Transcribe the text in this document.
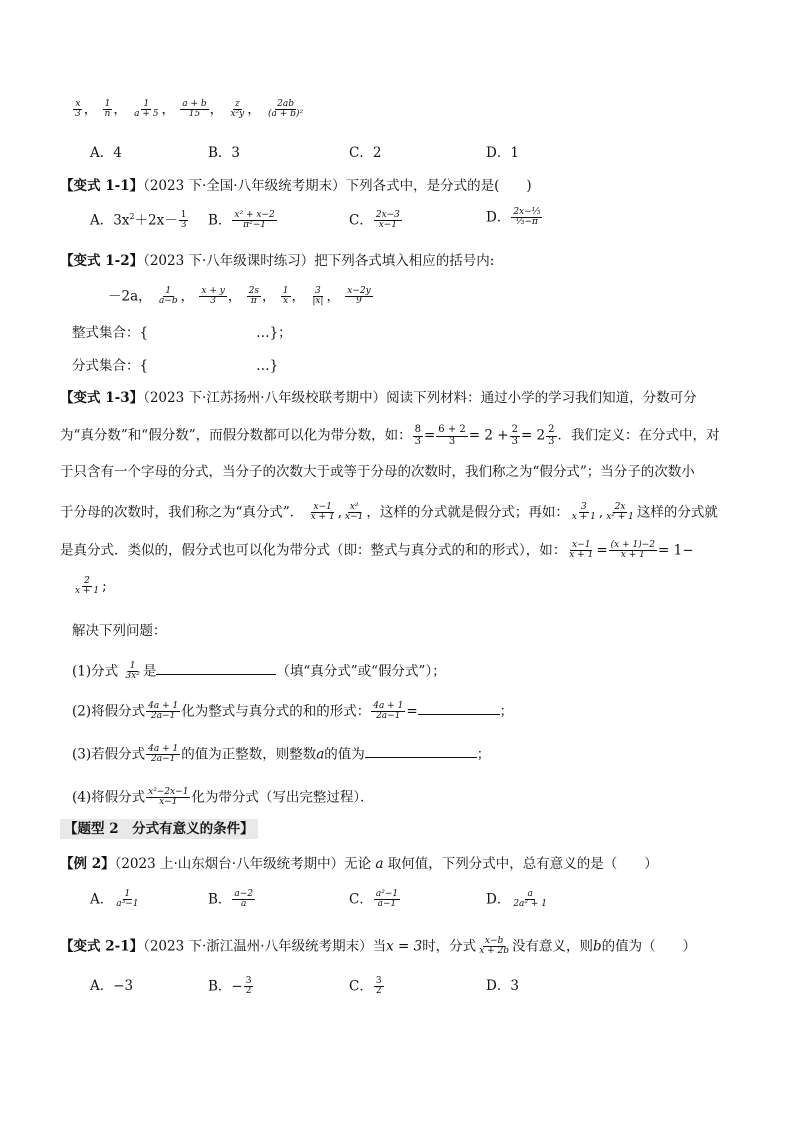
$\frac{x}{3}$ ， $\frac{1}{n}$ ， $\frac{1}{a + 5}$ ， $\frac{a + b}{15}$ ， $\frac{z}{\text{x²y}}$ ， $\frac{2ab}{\text{(a + b)²}}$
A．4	B．3	C．2	D．1
【变式 1-1】（2023 下·全国·八年级统考期末）下列各式中，是分式的是(　　)
A．$3x^2+2x- \frac{1}{3}$ B． $\frac{\text{x² + x−2}}{\text{π²−1}}$	C． $\frac{2x-3}{x-1}$	D． $\frac{\text{2x−⅓}}{\text{⅓−π}}$
【变式 1-2】（2023 下·八年级课时练习）把下列各式填入相应的括号内:
－2a， $\frac{1}{a-b}$ ， $\frac{x + y}{3}$ ， $\frac{2s}{\pi}$ ， $\frac{1}{x}$ ， $\frac{3}{|x|}$ ， $\frac{x-2y}{9}$
整式集合：{　　　　　　　　…}；
分式集合：{　　　　　　　　…}
【变式 1-3】（2023 下·江苏扬州·八年级校联考期中）阅读下列材料：通过小学的学习我们知道，分数可分
为“真分数”和“假分数”，而假分数都可以化为带分数，如： $\frac{8}{3} = \frac{6 + 2}{3} = 2 + \frac{2}{3} = 2 \frac{2}{3}$ ．我们定义：在分式中，对
于只含有一个字母的分式，当分子的次数大于或等于分母的次数时，我们称之为“假分式”；当分子的次数小
于分母的次数时，我们称之为“真分式”． $\frac{x-1}{x + 1}$ , $\frac{\text{x²}}{x-1}$ ，这样的分式就是假分式；再如： $\frac{3}{x + 1}$ , $\frac{2x}{\text{x² + 1}}$ 这样的分式就
是真分式．类似的，假分式也可以化为带分式（即：整式与真分式的和的形式），如： $\frac{x-1}{x + 1} = \frac{(x + 1)-2}{x + 1} = 1-$
$\frac{2}{x + 1}$ ;
解决下列问题：
(1)分式 $\frac{1}{\text{3x²}}$ 是	（填“真分式”或“假分式”）；
(2)将假分式 $\frac{4a + 1}{2a-1}$ 化为整式与真分式的和的形式： $\frac{4a + 1}{2a-1}$ =	；
(3)若假分式 $\frac{4a + 1}{2a-1}$ 的值为正整数，则整数a的值为	；
(4)将假分式 $\frac{\text{x²−2x−1}}{x-1}$ 化为带分式（写出完整过程）．
【题型 2　分式有意义的条件】
【例 2】（2023 上·山东烟台·八年级统考期中）无论 a 取何值，下列分式中，总有意义的是（　　）
A． $\frac{1}{\text{a³−1}}$	B． $\frac{a-2}{a}$	C． $\frac{\text{a²−1}}{a-1}$	D． $\frac{a}{\text{2a² + 1}}$
【变式 2-1】（2023 下·浙江温州·八年级统考期末）当x = 3时，分式 $\frac{x-b}{x + 2b}$ 没有意义，则b的值为（　　）
A．−3	B．− $\frac{3}{2}$	C． $\frac{3}{2}$	D．3
